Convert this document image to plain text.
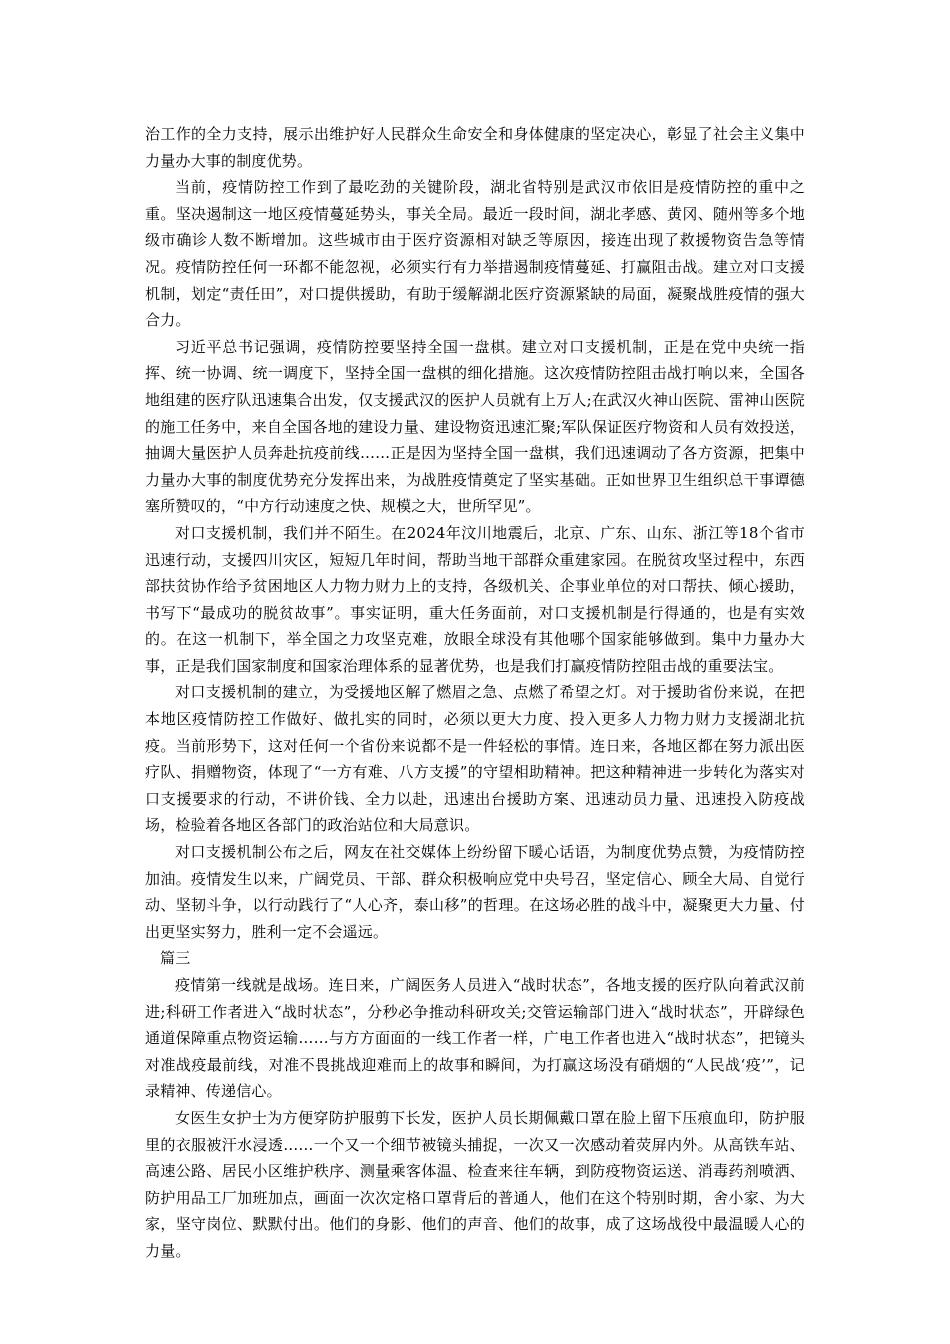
治工作的全力支持，展示出维护好人民群众生命安全和身体健康的坚定决心，彰显了社会主义集中力量办大事的制度优势。

当前，疫情防控工作到了最吃劲的关键阶段，湖北省特别是武汉市依旧是疫情防控的重中之重。坚决遏制这一地区疫情蔓延势头，事关全局。最近一段时间，湖北孝感、黄冈、随州等多个地级市确诊人数不断增加。这些城市由于医疗资源相对缺乏等原因，接连出现了救援物资告急等情况。疫情防控任何一环都不能忽视，必须实行有力举措遏制疫情蔓延、打赢阻击战。建立对口支援机制，划定“责任田”，对口提供援助，有助于缓解湖北医疗资源紧缺的局面，凝聚战胜疫情的强大合力。

习近平总书记强调，疫情防控要坚持全国一盘棋。建立对口支援机制，正是在党中央统一指挥、统一协调、统一调度下，坚持全国一盘棋的细化措施。这次疫情防控阻击战打响以来，全国各地组建的医疗队迅速集合出发，仅支援武汉的医护人员就有上万人;在武汉火神山医院、雷神山医院的施工任务中，来自全国各地的建设力量、建设物资迅速汇聚;军队保证医疗物资和人员有效投送，抽调大量医护人员奔赴抗疫前线……正是因为坚持全国一盘棋，我们迅速调动了各方资源，把集中力量办大事的制度优势充分发挥出来，为战胜疫情奠定了坚实基础。正如世界卫生组织总干事谭德塞所赞叹的，“中方行动速度之快、规模之大，世所罕见”。

对口支援机制，我们并不陌生。在2024年汶川地震后，北京、广东、山东、浙江等18个省市迅速行动，支援四川灾区，短短几年时间，帮助当地干部群众重建家园。在脱贫攻坚过程中，东西部扶贫协作给予贫困地区人力物力财力上的支持，各级机关、企事业单位的对口帮扶、倾心援助，书写下“最成功的脱贫故事”。事实证明，重大任务面前，对口支援机制是行得通的，也是有实效的。在这一机制下，举全国之力攻坚克难，放眼全球没有其他哪个国家能够做到。集中力量办大事，正是我们国家制度和国家治理体系的显著优势，也是我们打赢疫情防控阻击战的重要法宝。

对口支援机制的建立，为受援地区解了燃眉之急、点燃了希望之灯。对于援助省份来说，在把本地区疫情防控工作做好、做扎实的同时，必须以更大力度、投入更多人力物力财力支援湖北抗疫。当前形势下，这对任何一个省份来说都不是一件轻松的事情。连日来，各地区都在努力派出医疗队、捐赠物资，体现了“一方有难、八方支援”的守望相助精神。把这种精神进一步转化为落实对口支援要求的行动，不讲价钱、全力以赴，迅速出台援助方案、迅速动员力量、迅速投入防疫战场，检验着各地区各部门的政治站位和大局意识。

对口支援机制公布之后，网友在社交媒体上纷纷留下暖心话语，为制度优势点赞，为疫情防控加油。疫情发生以来，广阔党员、干部、群众积极响应党中央号召，坚定信心、顾全大局、自觉行动、坚韧斗争，以行动践行了“人心齐，泰山移”的哲理。在这场必胜的战斗中，凝聚更大力量、付出更坚实努力，胜利一定不会遥远。

篇三

疫情第一线就是战场。连日来，广阔医务人员进入“战时状态”，各地支援的医疗队向着武汉前进;科研工作者进入“战时状态”，分秒必争推动科研攻关;交管运输部门进入“战时状态”，开辟绿色通道保障重点物资运输……与方方面面的一线工作者一样，广电工作者也进入“战时状态”，把镜头对准战疫最前线，对准不畏挑战迎难而上的故事和瞬间，为打赢这场没有硝烟的“人民战‘疫’”，记录精神、传递信心。

女医生女护士为方便穿防护服剪下长发，医护人员长期佩戴口罩在脸上留下压痕血印，防护服里的衣服被汗水浸透……一个又一个细节被镜头捕捉，一次又一次感动着荧屏内外。从高铁车站、高速公路、居民小区维护秩序、测量乘客体温、检查来往车辆，到防疫物资运送、消毒药剂喷洒、防护用品工厂加班加点，画面一次次定格口罩背后的普通人，他们在这个特别时期，舍小家、为大家，坚守岗位、默默付出。他们的身影、他们的声音、他们的故事，成了这场战役中最温暖人心的力量。
